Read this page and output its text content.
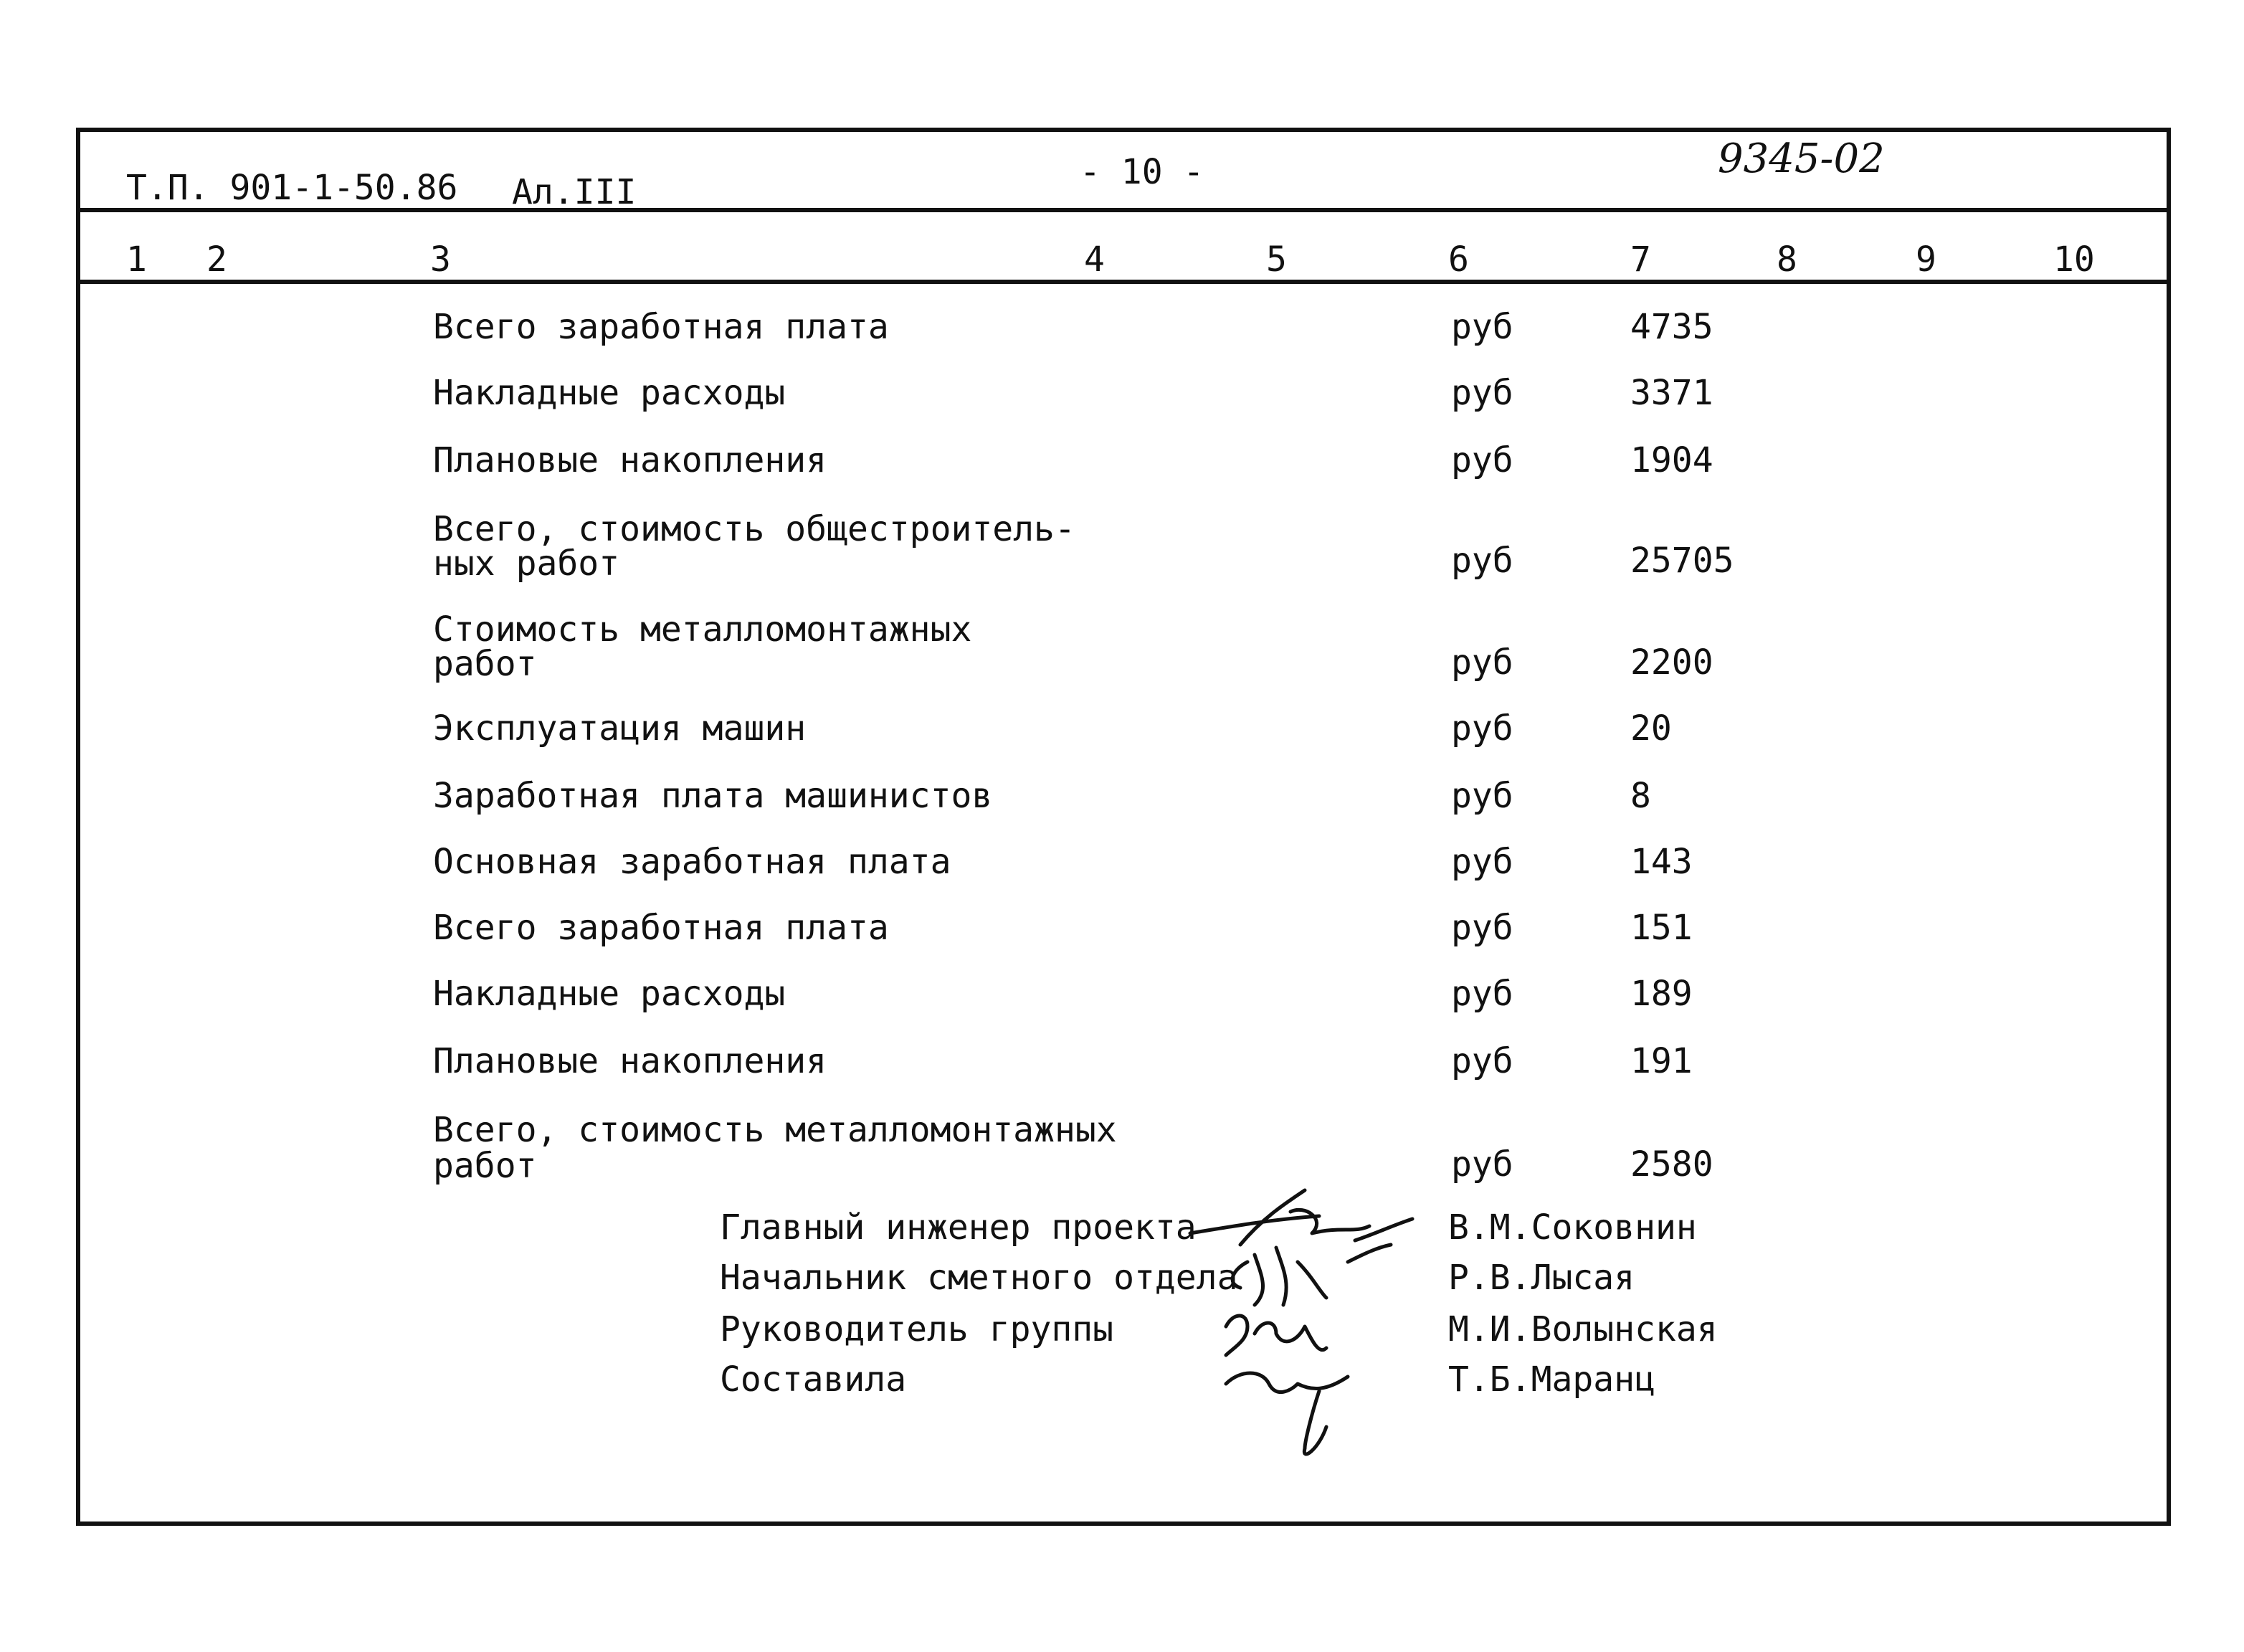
Т.П. 901-1-50.86 Ал.III	- 10 -	9345-02
1 2	3	4	5	6	7	8	9	10
Всего заработная плата	руб	4735
Накладные расходы	руб	3371
Плановые накопления	руб	1904
Всего, стоимость общестроитель-
ных работ	руб	25705
Стоимость металломонтажных
работ	руб	2200
Эксплуатация машин	руб	20
Заработная плата машинистов	руб	8
Основная заработная плата	руб	143
Всего заработная плата	руб	151
Накладные расходы	руб	189
Плановые накопления	руб	191
Всего, стоимость металломонтажных
работ	руб	2580
Главный инженер проекта	В.М.Соковнин
Начальник сметного отдела	Р.В.Лысая
Руководитель группы	М.И.Волынская
Составила	Т.Б.Маранц
